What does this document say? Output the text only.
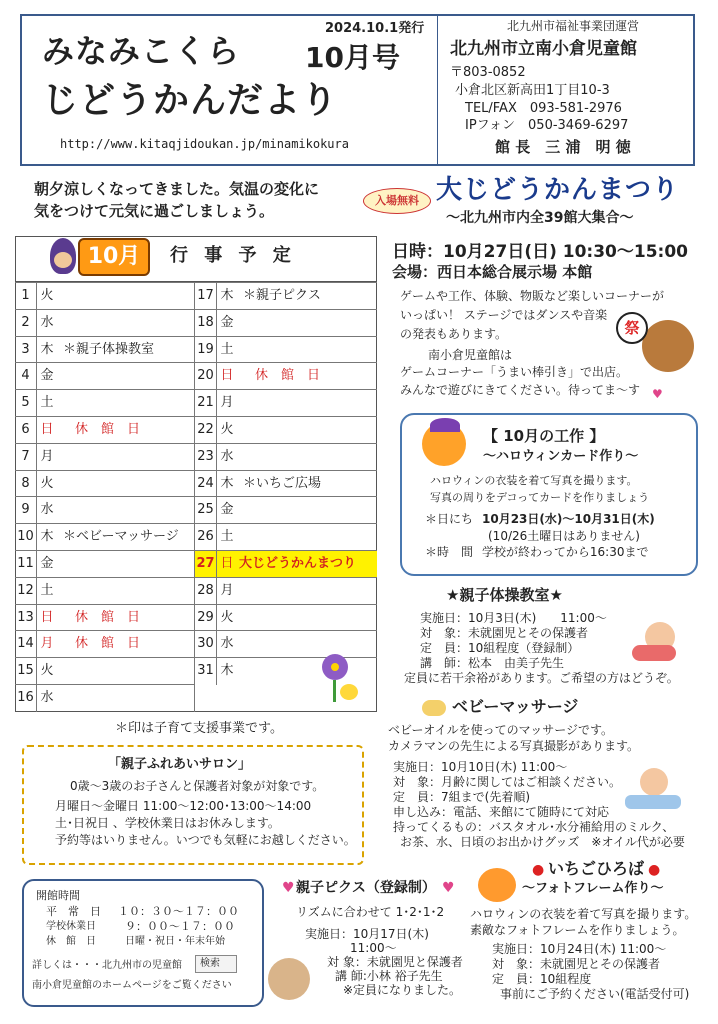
みなみこくら
じどうかんだより
2024.10.1発行
10月号
http://www.kitaqjidoukan.jp/minamikokura
北九州市福祉事業団運営
北九州市立南小倉児童館
〒803-0852
小倉北区新高田1丁目10-3
TEL/FAX　093-581-2976
IPフォン　050-3469-6297
館 長　三 浦　明 徳
朝夕涼しくなってきました。気温の変化に
気をつけて元気に過ごしましょう。
10月	行 事 予 定
1 火
2 水
3 木 ＊親子体操教室
4 金
5 土
6 日	休　館　日
7 月
8 火
9 水
10 木 ＊ベビーマッサージ
11 金
12 土
13 日	休　館　日
14 月	休　館　日
15 火
16 水
17 木 ＊親子ピクス
18 金
19 土
20 日	休　館　日
21 月
22 火
23 水
24 木 ＊いちご広場
25 金
26 土
27 日 大じどうかんまつり
28 月
29 火
30 水
31 木
＊印は子育て支援事業です。
入場無料 大じどうかんまつり
～北九州市内全39館大集合～
日時：10月27日(日) 10:30～15:00
会場：西日本総合展示場 本館
ゲームや工作、体験、物販など楽しいコーナーが
いっぱい！ ステージではダンスや音楽
の発表もあります。
南小倉児童館は
ゲームコーナー「うまい棒引き」で出店。
みんなで遊びにきてください。待ってま～す ♥
祭
【 10月の工作 】
～ハロウィンカード作り～
ハロウィンの衣装を着て写真を撮ります。
写真の周りをデコってカードを作りましょう
＊日にち 10月23日(水)～10月31日(木)
(10/26土曜日はありません)
＊時　間 学校が終わってから16:30まで
★親子体操教室★
実施日：10月3日(木)　　11:00～
対　象：未就園児とその保護者
定　員：10組程度（登録制）
講　師：松本　由美子先生
定員に若干余裕があります。ご希望の方はどうぞ。
ベビーマッサージ
ベビーオイルを使ってのマッサージです。
カメラマンの先生による写真撮影があります。
実施日：10月10日(木) 11:00～
対　象：月齢に関してはご相談ください。
定　員：7組まで(先着順)
申し込み：電話、来館にて随時にて対応
持ってくるもの：バスタオル･水分補給用のミルク、
お茶、水、日頃のお出かけグッズ　※オイル代が必要
「親子ふれあいサロン」
0歳～3歳のお子さんと保護者対象が対象です。
月曜日～金曜日 11:00～12:00･13:00～14:00
土･日祝日 、学校休業日はお休みします。
予約等はいりません。いつでも気軽にお越しください。
開館時間
平　常　日 １０：３０～１７：００
学校休業日	９：００～１７：００
休　館　日	日曜・祝日・年末年始
詳しくは・・・北九州市の児童館	検索
南小倉児童館のホームページをご覧ください
♥ 親子ピクス（登録制） ♥
リズムに合わせて 1･2･1･2
実施日：10月17日(木)
11:00～
対 象：未就園児と保護者
講 師:小林 裕子先生
※定員になりました。
● いちごひろば ●
～フォトフレーム作り～
ハロウィンの衣装を着て写真を撮ります。
素敵なフォトフレームを作りましょう。
実施日：10月24日(木) 11:00～
対　象：未就園児とその保護者
定　員：10組程度
事前にご予約ください(電話受付可)
